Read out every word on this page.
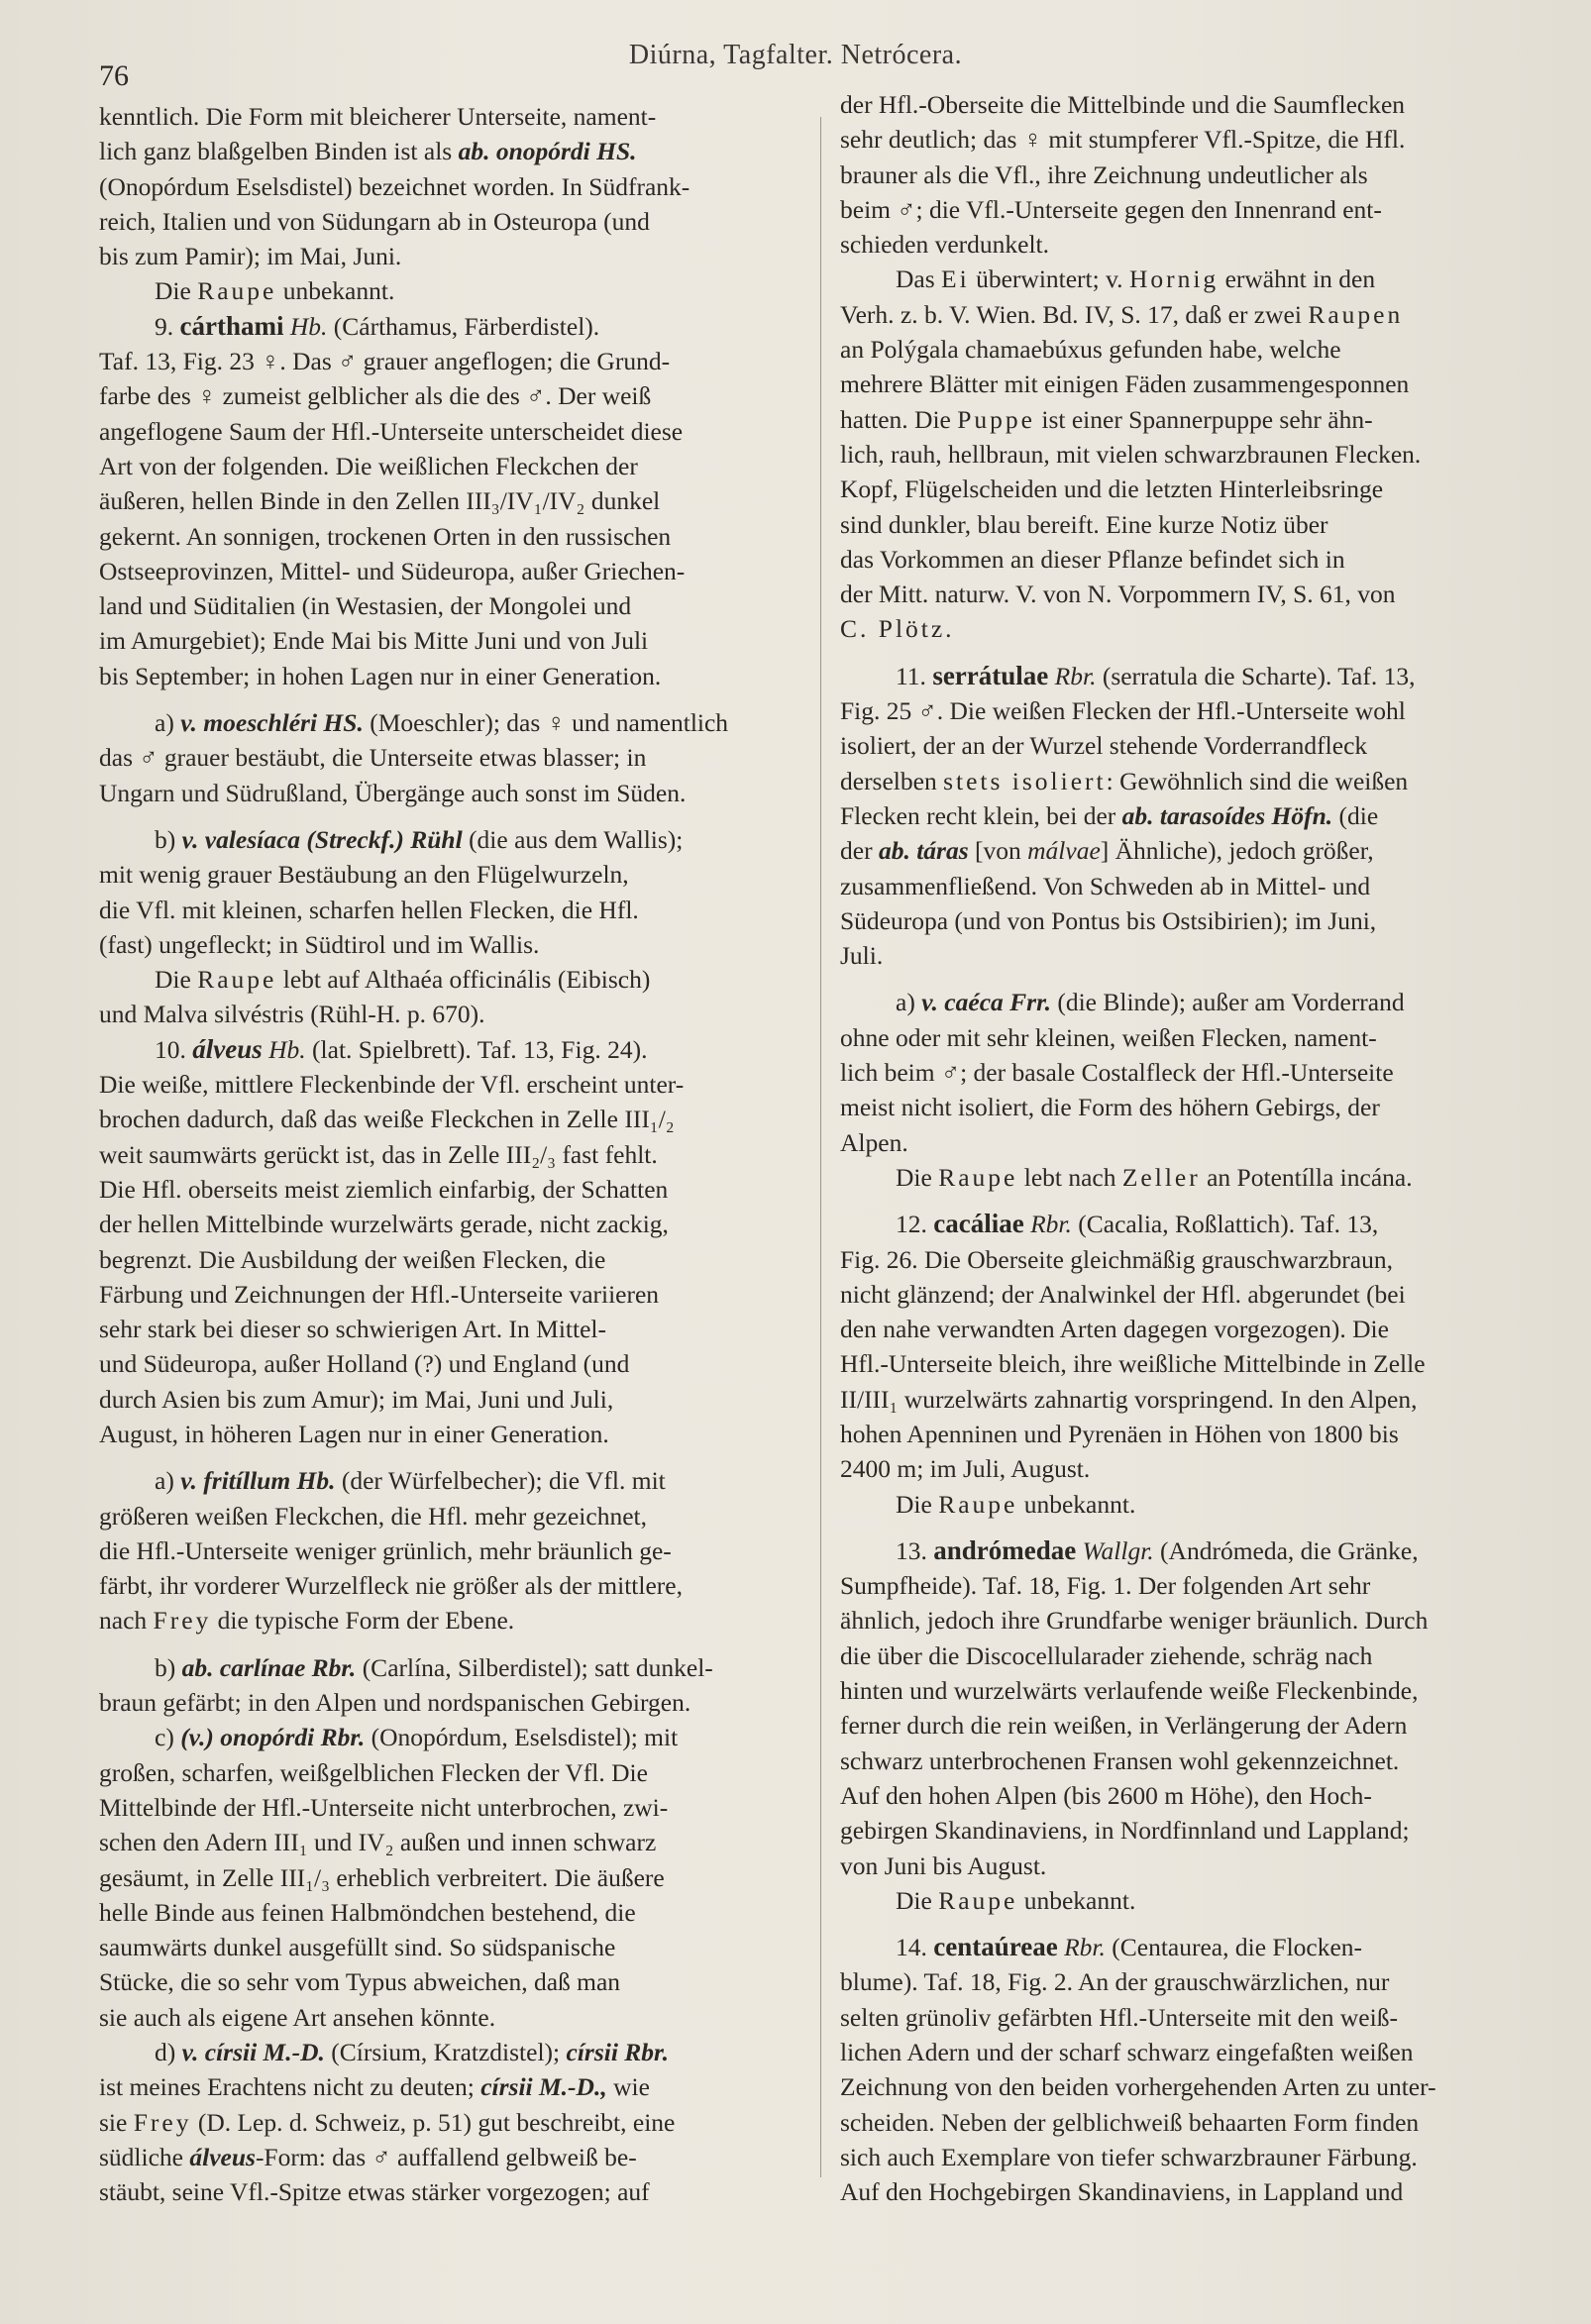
76
Diúrna, Tagfalter. Netrócera.

kenntlich. Die Form mit bleicherer Unterseite, nament-
lich ganz blaßgelben Binden ist als ab. onopórdi HS.
(Onopórdum Eselsdistel) bezeichnet worden. In Südfrank-
reich, Italien und von Südungarn ab in Osteuropa (und
bis zum Pamir); im Mai, Juni.

Die Raupe unbekannt.

9. cárthami Hb. (Cárthamus, Färberdistel).
Taf. 13, Fig. 23 ♀. Das ♂ grauer angeflogen; die Grund-
farbe des ♀ zumeist gelblicher als die des ♂. Der weiß
angeflogene Saum der Hfl.-Unterseite unterscheidet diese
Art von der folgenden. Die weißlichen Fleckchen der
äußeren, hellen Binde in den Zellen III₃/IV₁/IV₂ dunkel
gekernt. An sonnigen, trockenen Orten in den russischen
Ostseeprovinzen, Mittel- und Südeuropa, außer Griechen-
land und Süditalien (in Westasien, der Mongolei und
im Amurgebiet); Ende Mai bis Mitte Juni und von Juli
bis September; in hohen Lagen nur in einer Generation.

a) v. moeschléri HS. (Moeschler); das ♀ und namentlich
das ♂ grauer bestäubt, die Unterseite etwas blasser; in
Ungarn und Südrußland, Übergänge auch sonst im Süden.

b) v. valesíaca (Streckf.) Rühl (die aus dem Wallis);
mit wenig grauer Bestäubung an den Flügelwurzeln,
die Vfl. mit kleinen, scharfen hellen Flecken, die Hfl.
(fast) ungefleckt; in Südtirol und im Wallis.

Die Raupe lebt auf Althaéa officinális (Eibisch)
und Malva silvéstris (Rühl-H. p. 670).

10. álveus Hb. (lat. Spielbrett). Taf. 13, Fig. 24).
Die weiße, mittlere Fleckenbinde der Vfl. erscheint unter-
brochen dadurch, daß das weiße Fleckchen in Zelle III₁/₂
weit saumwärts gerückt ist, das in Zelle III₂/₃ fast fehlt.
Die Hfl. oberseits meist ziemlich einfarbig, der Schatten
der hellen Mittelbinde wurzelwärts gerade, nicht zackig,
begrenzt. Die Ausbildung der weißen Flecken, die
Färbung und Zeichnungen der Hfl.-Unterseite variieren
sehr stark bei dieser so schwierigen Art. In Mittel-
und Südeuropa, außer Holland (?) und England (und
durch Asien bis zum Amur); im Mai, Juni und Juli,
August, in höheren Lagen nur in einer Generation.

a) v. fritíllum Hb. (der Würfelbecher); die Vfl. mit
größeren weißen Fleckchen, die Hfl. mehr gezeichnet,
die Hfl.-Unterseite weniger grünlich, mehr bräunlich ge-
färbt, ihr vorderer Wurzelfleck nie größer als der mittlere,
nach Frey die typische Form der Ebene.

b) ab. carlínae Rbr. (Carlína, Silberdistel); satt dunkel-
braun gefärbt; in den Alpen und nordspanischen Gebirgen.

c) (v.) onopórdi Rbr. (Onopórdum, Eselsdistel); mit
großen, scharfen, weißgelblichen Flecken der Vfl. Die
Mittelbinde der Hfl.-Unterseite nicht unterbrochen, zwi-
schen den Adern III₁ und IV₂ außen und innen schwarz
gesäumt, in Zelle III₁/₃ erheblich verbreitert. Die äußere
helle Binde aus feinen Halbmöndchen bestehend, die
saumwärts dunkel ausgefüllt sind. So südspanische
Stücke, die so sehr vom Typus abweichen, daß man
sie auch als eigene Art ansehen könnte.

d) v. círsii M.-D. (Círsium, Kratzdistel); círsii Rbr.
ist meines Erachtens nicht zu deuten; círsii M.-D., wie
sie Frey (D. Lep. d. Schweiz, p. 51) gut beschreibt, eine
südliche álveus-Form: das ♂ auffallend gelbweiß be-
stäubt, seine Vfl.-Spitze etwas stärker vorgezogen; auf

der Hfl.-Oberseite die Mittelbinde und die Saumflecken
sehr deutlich; das ♀ mit stumpferer Vfl.-Spitze, die Hfl.
brauner als die Vfl., ihre Zeichnung undeutlicher als
beim ♂; die Vfl.-Unterseite gegen den Innenrand ent-
schieden verdunkelt.

Das Ei überwintert; v. Hornig erwähnt in den
Verh. z. b. V. Wien. Bd. IV, S. 17, daß er zwei Raupen
an Polýgala chamaebúxus gefunden habe, welche
mehrere Blätter mit einigen Fäden zusammengesponnen
hatten. Die Puppe ist einer Spannerpuppe sehr ähn-
lich, rauh, hellbraun, mit vielen schwarzbraunen Flecken.
Kopf, Flügelscheiden und die letzten Hinterleibsringe
sind dunkler, blau bereift. Eine kurze Notiz über
das Vorkommen an dieser Pflanze befindet sich in
der Mitt. naturw. V. von N. Vorpommern IV, S. 61, von
C. Plötz.

11. serrátulae Rbr. (serratula die Scharte). Taf. 13,
Fig. 25 ♂. Die weißen Flecken der Hfl.-Unterseite wohl
isoliert, der an der Wurzel stehende Vorderrandfleck
derselben stets isoliert: Gewöhnlich sind die weißen
Flecken recht klein, bei der ab. tarasoídes Höfn. (die
der ab. táras [von málvae] Ähnliche), jedoch größer,
zusammenfließend. Von Schweden ab in Mittel- und
Südeuropa (und von Pontus bis Ostsibirien); im Juni,
Juli.

a) v. caéca Frr. (die Blinde); außer am Vorderrand
ohne oder mit sehr kleinen, weißen Flecken, nament-
lich beim ♂; der basale Costalfleck der Hfl.-Unterseite
meist nicht isoliert, die Form des höhern Gebirgs, der
Alpen.

Die Raupe lebt nach Zeller an Potentílla incána.

12. cacáliae Rbr. (Cacalia, Roßlattich). Taf. 13,
Fig. 26. Die Oberseite gleichmäßig grauschwarzbraun,
nicht glänzend; der Analwinkel der Hfl. abgerundet (bei
den nahe verwandten Arten dagegen vorgezogen). Die
Hfl.-Unterseite bleich, ihre weißliche Mittelbinde in Zelle
II/III₁ wurzelwärts zahnartig vorspringend. In den Alpen,
hohen Apenninen und Pyrenäen in Höhen von 1800 bis
2400 m; im Juli, August.

Die Raupe unbekannt.

13. andrómedae Wallgr. (Andrómeda, die Gränke,
Sumpfheide). Taf. 18, Fig. 1. Der folgenden Art sehr
ähnlich, jedoch ihre Grundfarbe weniger bräunlich. Durch
die über die Discocellularader ziehende, schräg nach
hinten und wurzelwärts verlaufende weiße Fleckenbinde,
ferner durch die rein weißen, in Verlängerung der Adern
schwarz unterbrochenen Fransen wohl gekennzeichnet.
Auf den hohen Alpen (bis 2600 m Höhe), den Hoch-
gebirgen Skandinaviens, in Nordfinnland und Lappland;
von Juni bis August.

Die Raupe unbekannt.

14. centaúreae Rbr. (Centaurea, die Flocken-
blume). Taf. 18, Fig. 2. An der grauschwärzlichen, nur
selten grünoliv gefärbten Hfl.-Unterseite mit den weiß-
lichen Adern und der scharf schwarz eingefaßten weißen
Zeichnung von den beiden vorhergehenden Arten zu unter-
scheiden. Neben der gelblichweiß behaarten Form finden
sich auch Exemplare von tiefer schwarzbrauner Färbung.
Auf den Hochgebirgen Skandinaviens, in Lappland und
